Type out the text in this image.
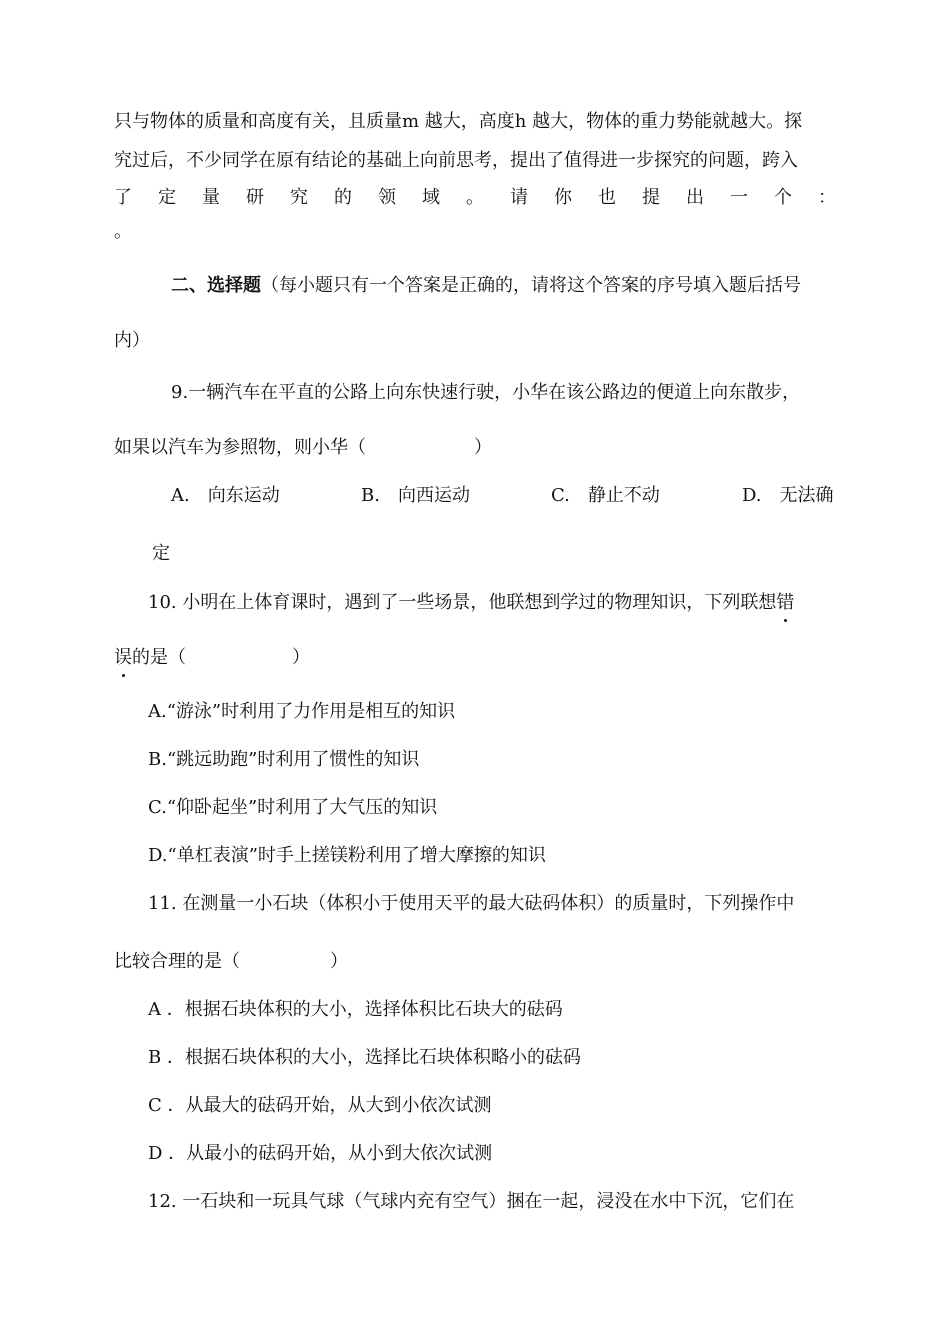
只与物体的质量和高度有关，且质量m 越大，高度h 越大，物体的重力势能就越大。探
究过后，不少同学在原有结论的基础上向前思考，提出了值得进一步探究的问题，跨入
了 定 量 研 究 的 领 域 。 请 你 也 提 出 一 个 ：
。
二、选择题（每小题只有一个答案是正确的，请将这个答案的序号填入题后括号
内）
9.一辆汽车在平直的公路上向东快速行驶，小华在该公路边的便道上向东散步，
如果以汽车为参照物，则小华（	）
A.　向东运动	B.　向西运动	C.　静止不动	D.　无法确
定
10. 小明在上体育课时，遇到了一些场景，他联想到学过的物理知识，下列联想错
误的是（	）
A.“游泳”时利用了力作用是相互的知识
B.“跳远助跑”时利用了惯性的知识
C.“仰卧起坐”时利用了大气压的知识
D.“单杠表演”时手上搓镁粉利用了增大摩擦的知识
11. 在测量一小石块（体积小于使用天平的最大砝码体积）的质量时，下列操作中
比较合理的是（	）
A ．根据石块体积的大小，选择体积比石块大的砝码
B ．根据石块体积的大小，选择比石块体积略小的砝码
C ．从最大的砝码开始，从大到小依次试测
D ．从最小的砝码开始，从小到大依次试测
12. 一石块和一玩具气球（气球内充有空气）捆在一起，浸没在水中下沉，它们在
